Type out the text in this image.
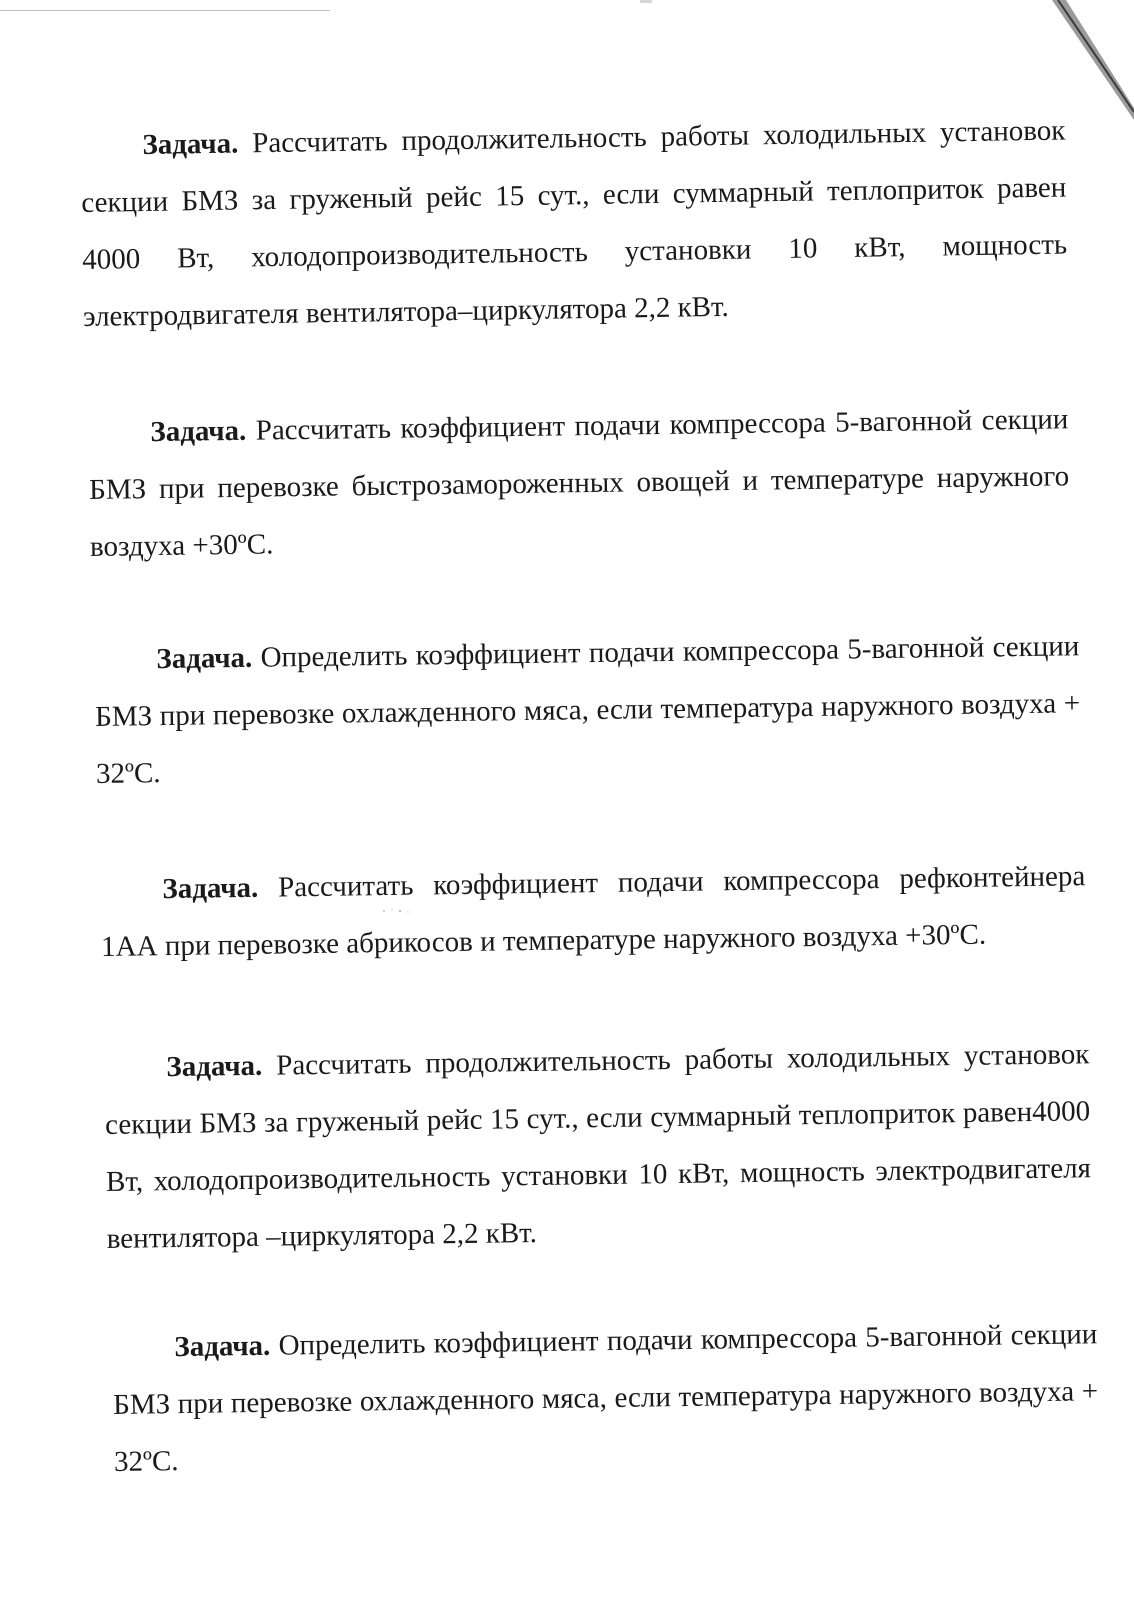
Задача. Рассчитать продолжительность работы холодильных установок секции БМЗ за груженый рейс 15 сут., если суммарный теплоприток равен 4000 Вт, холодопроизводительность установки 10 кВт, мощность электродвигателя вентилятора–циркулятора 2,2 кВт.

Задача. Рассчитать коэффициент подачи компрессора 5-вагонной секции БМЗ при перевозке быстрозамороженных овощей и температуре наружного воздуха +30ºС.

Задача. Определить коэффициент подачи компрессора 5-вагонной секции БМЗ при перевозке охлажденного мяса, если температура наружного воздуха + 32ºС.

Задача. Рассчитать коэффициент подачи компрессора рефконтейнера 1АА при перевозке абрикосов и температуре наружного воздуха +30ºС.

Задача. Рассчитать продолжительность работы холодильных установок секции БМЗ за груженый рейс 15 сут., если суммарный теплоприток равен4000 Вт, холодопроизводительность установки 10 кВт, мощность электродвигателя вентилятора –циркулятора 2,2 кВт.

Задача. Определить коэффициент подачи компрессора 5-вагонной секции БМЗ при перевозке охлажденного мяса, если температура наружного воздуха + 32ºС.
